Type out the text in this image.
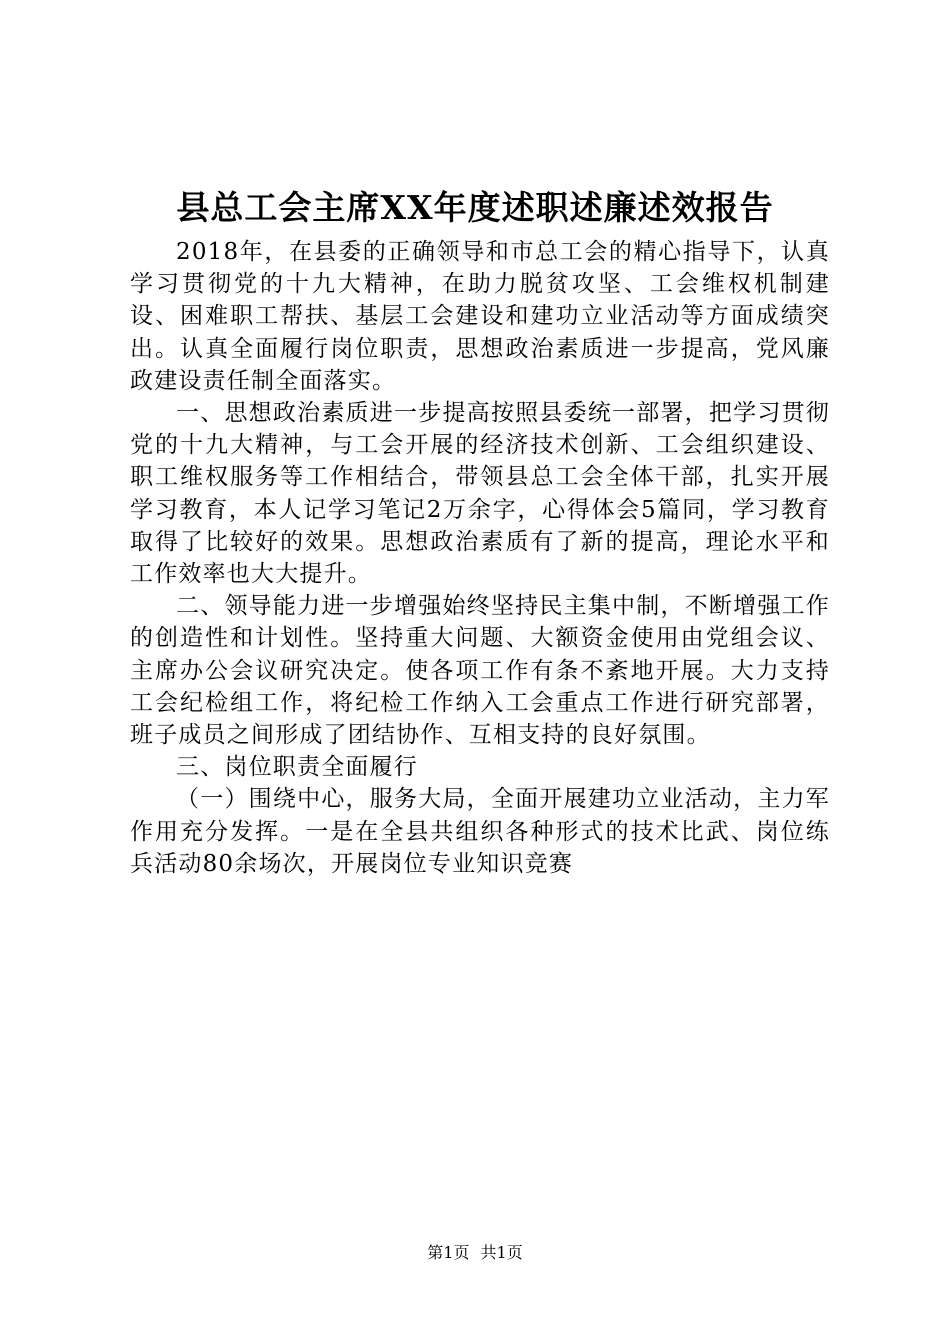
县总工会主席XX年度述职述廉述效报告

2018年，在县委的正确领导和市总工会的精心指导下，认真学习贯彻党的十九大精神，在助力脱贫攻坚、工会维权机制建设、困难职工帮扶、基层工会建设和建功立业活动等方面成绩突出。认真全面履行岗位职责，思想政治素质进一步提高，党风廉政建设责任制全面落实。

一、思想政治素质进一步提高按照县委统一部署，把学习贯彻党的十九大精神，与工会开展的经济技术创新、工会组织建设、职工维权服务等工作相结合，带领县总工会全体干部，扎实开展学习教育，本人记学习笔记2万余字，心得体会5篇同，学习教育取得了比较好的效果。思想政治素质有了新的提高，理论水平和工作效率也大大提升。

二、领导能力进一步增强始终坚持民主集中制，不断增强工作的创造性和计划性。坚持重大问题、大额资金使用由党组会议、主席办公会议研究决定。使各项工作有条不紊地开展。大力支持工会纪检组工作，将纪检工作纳入工会重点工作进行研究部署，班子成员之间形成了团结协作、互相支持的良好氛围。

三、岗位职责全面履行

（一）围绕中心，服务大局，全面开展建功立业活动，主力军作用充分发挥。一是在全县共组织各种形式的技术比武、岗位练兵活动80余场次，开展岗位专业知识竞赛

第1页 共1页
